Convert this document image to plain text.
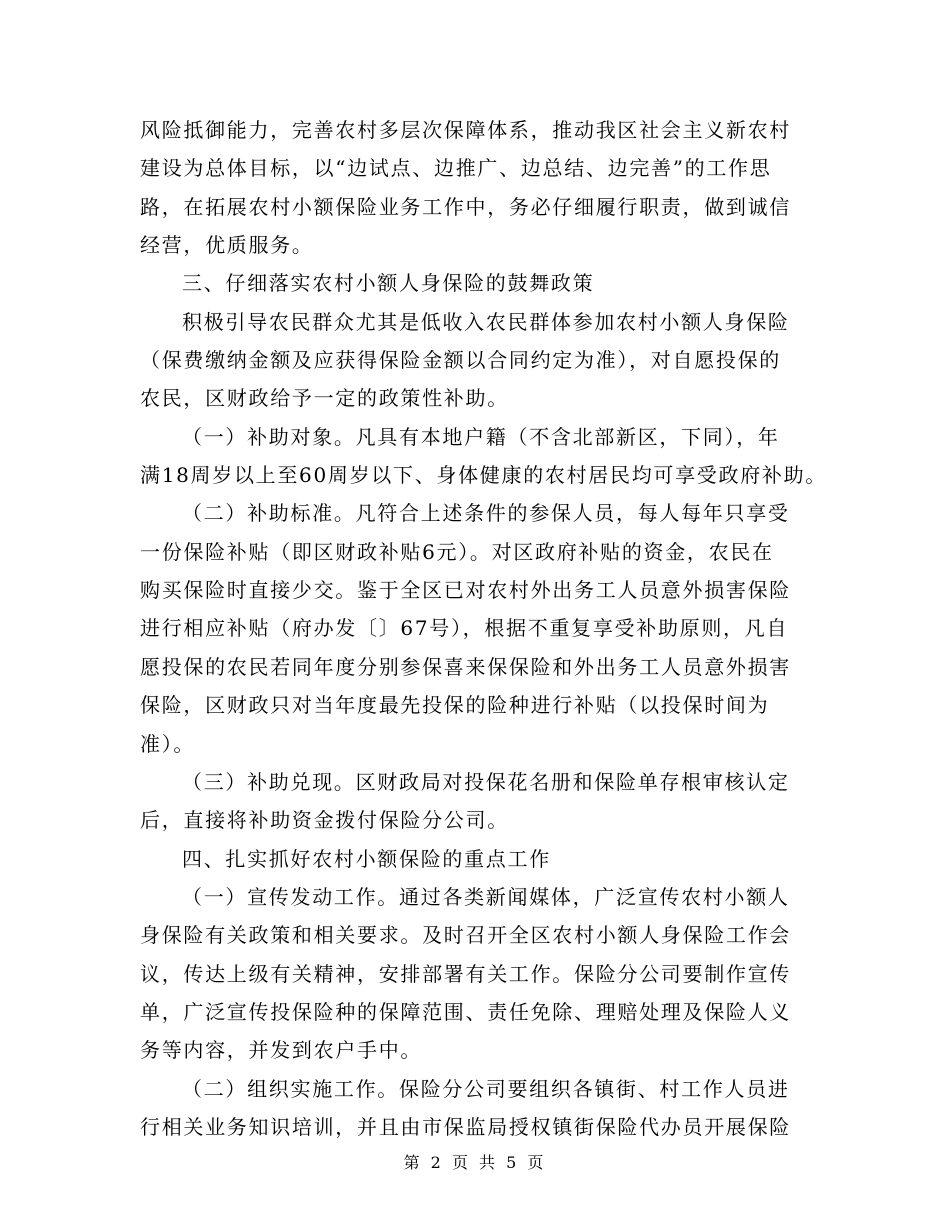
风险抵御能力，完善农村多层次保障体系，推动我区社会主义新农村
建设为总体目标，以“边试点、边推广、边总结、边完善”的工作思
路，在拓展农村小额保险业务工作中，务必仔细履行职责，做到诚信
经营，优质服务。
三、仔细落实农村小额人身保险的鼓舞政策
积极引导农民群众尤其是低收入农民群体参加农村小额人身保险
（保费缴纳金额及应获得保险金额以合同约定为准），对自愿投保的
农民，区财政给予一定的政策性补助。
（一）补助对象。凡具有本地户籍（不含北部新区，下同），年
满18周岁以上至60周岁以下、身体健康的农村居民均可享受政府补助。
（二）补助标准。凡符合上述条件的参保人员，每人每年只享受
一份保险补贴（即区财政补贴6元）。对区政府补贴的资金，农民在
购买保险时直接少交。鉴于全区已对农村外出务工人员意外损害保险
进行相应补贴（府办发〔〕67号），根据不重复享受补助原则，凡自
愿投保的农民若同年度分别参保喜来保保险和外出务工人员意外损害
保险，区财政只对当年度最先投保的险种进行补贴（以投保时间为
准）。
（三）补助兑现。区财政局对投保花名册和保险单存根审核认定
后，直接将补助资金拨付保险分公司。
四、扎实抓好农村小额保险的重点工作
（一）宣传发动工作。通过各类新闻媒体，广泛宣传农村小额人
身保险有关政策和相关要求。及时召开全区农村小额人身保险工作会
议，传达上级有关精神，安排部署有关工作。保险分公司要制作宣传
单，广泛宣传投保险种的保障范围、责任免除、理赔处理及保险人义
务等内容，并发到农户手中。
（二）组织实施工作。保险分公司要组织各镇街、村工作人员进
行相关业务知识培训，并且由市保监局授权镇街保险代办员开展保险
第 2 页 共 5 页
